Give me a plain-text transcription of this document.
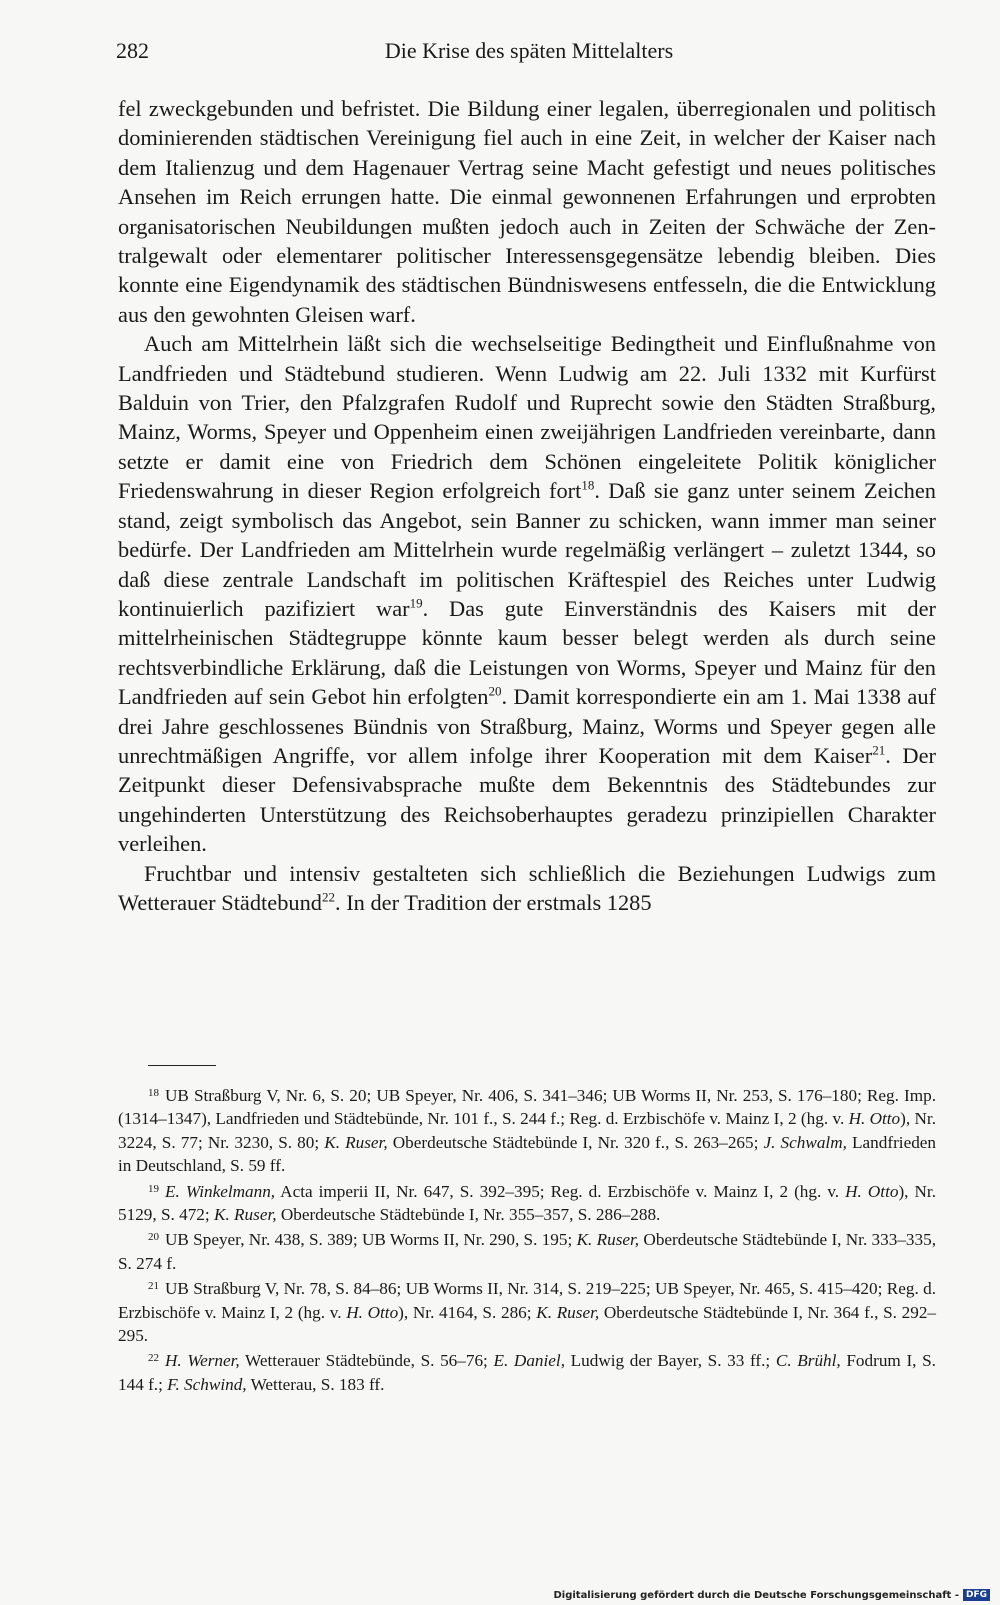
282	Die Krise des späten Mittelalters

fel zweckgebunden und befristet. Die Bildung einer legalen, überregionalen und politisch dominierenden städtischen Vereinigung fiel auch in eine Zeit, in welcher der Kaiser nach dem Italienzug und dem Hagenauer Vertrag seine Macht gefestigt und neues politisches Ansehen im Reich errungen hatte. Die einmal gewonnenen Erfahrungen und erprobten organisatorischen Neubildungen mußten jedoch auch in Zeiten der Schwäche der Zentralgewalt oder elementarer politischer Interessensgegensätze lebendig bleiben. Dies konnte eine Eigendynamik des städtischen Bündniswesens entfesseln, die die Entwicklung aus den gewohnten Gleisen warf.

Auch am Mittelrhein läßt sich die wechselseitige Bedingtheit und Einflußnahme von Landfrieden und Städtebund studieren. Wenn Ludwig am 22. Juli 1332 mit Kurfürst Balduin von Trier, den Pfalzgrafen Rudolf und Ruprecht sowie den Städten Straßburg, Mainz, Worms, Speyer und Oppenheim einen zweijährigen Landfrieden vereinbarte, dann setzte er damit eine von Friedrich dem Schönen eingeleitete Politik königlicher Friedenswahrung in dieser Region erfolgreich fort$^{18}$. Daß sie ganz unter seinem Zeichen stand, zeigt symbolisch das Angebot, sein Banner zu schicken, wann immer man seiner bedürfe. Der Landfrieden am Mittelrhein wurde regelmäßig verlängert – zuletzt 1344, so daß diese zentrale Landschaft im politischen Kräftespiel des Reiches unter Ludwig kontinuierlich pazifiziert war$^{19}$. Das gute Einverständnis des Kaisers mit der mittelrheinischen Städtegruppe könnte kaum besser belegt werden als durch seine rechtsverbindliche Erklärung, daß die Leistungen von Worms, Speyer und Mainz für den Landfrieden auf sein Gebot hin erfolgten$^{20}$. Damit korrespondierte ein am 1. Mai 1338 auf drei Jahre geschlossenes Bündnis von Straßburg, Mainz, Worms und Speyer gegen alle unrechtmäßigen Angriffe, vor allem infolge ihrer Kooperation mit dem Kaiser$^{21}$. Der Zeitpunkt dieser Defensivabsprache mußte dem Bekenntnis des Städtebundes zur ungehinderten Unterstützung des Reichsoberhauptes geradezu prinzipiellen Charakter verleihen.

Fruchtbar und intensiv gestalteten sich schließlich die Beziehungen Ludwigs zum Wetterauer Städtebund$^{22}$. In der Tradition der erstmals 1285

$^{18}$ UB Straßburg V, Nr. 6, S. 20; UB Speyer, Nr. 406, S. 341–346; UB Worms II, Nr. 253, S. 176–180; Reg. Imp. (1314–1347), Landfrieden und Städtebünde, Nr. 101 f., S. 244 f.; Reg. d. Erzbischöfe v. Mainz I, 2 (hg. v. H. Otto), Nr. 3224, S. 77; Nr. 3230, S. 80; K. Ruser, Oberdeutsche Städtebünde I, Nr. 320 f., S. 263–265; J. Schwalm, Landfrieden in Deutschland, S. 59 ff.

$^{19}$ E. Winkelmann, Acta imperii II, Nr. 647, S. 392–395; Reg. d. Erzbischöfe v. Mainz I, 2 (hg. v. H. Otto), Nr. 5129, S. 472; K. Ruser, Oberdeutsche Städtebünde I, Nr. 355–357, S. 286–288.

$^{20}$ UB Speyer, Nr. 438, S. 389; UB Worms II, Nr. 290, S. 195; K. Ruser, Oberdeutsche Städtebünde I, Nr. 333–335, S. 274 f.

$^{21}$ UB Straßburg V, Nr. 78, S. 84–86; UB Worms II, Nr. 314, S. 219–225; UB Speyer, Nr. 465, S. 415–420; Reg. d. Erzbischöfe v. Mainz I, 2 (hg. v. H. Otto), Nr. 4164, S. 286; K. Ruser, Oberdeutsche Städtebünde I, Nr. 364 f., S. 292–295.

$^{22}$ H. Werner, Wetterauer Städtebünde, S. 56–76; E. Daniel, Ludwig der Bayer, S. 33 ff.; C. Brühl, Fodrum I, S. 144 f.; F. Schwind, Wetterau, S. 183 ff.

Digitalisierung gefördert durch die Deutsche Forschungsgemeinschaft - DFG
